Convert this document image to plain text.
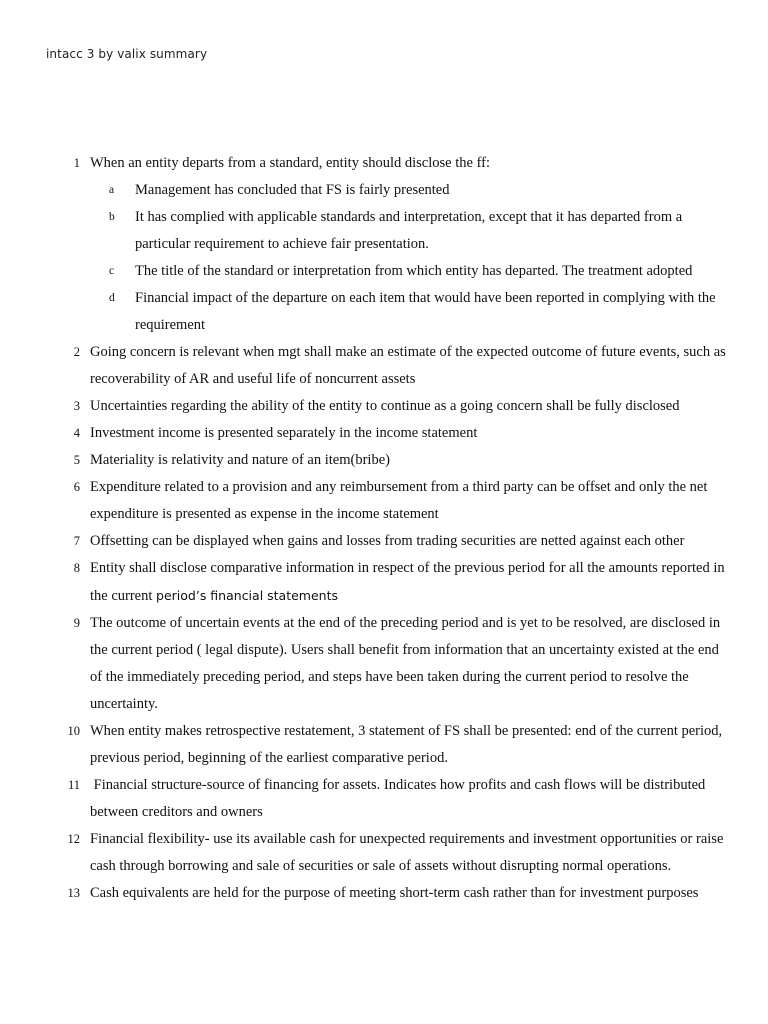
intacc 3 by valix summary
1 When an entity departs from a standard, entity should disclose the ff:
a	Management has concluded that FS is fairly presented
b	It has complied with applicable standards and interpretation, except that it has departed from a particular requirement to achieve fair presentation.
c	The title of the standard or interpretation from which entity has departed. The treatment adopted
d	Financial impact of the departure on each item that would have been reported in complying with the requirement
2 Going concern is relevant when mgt shall make an estimate of the expected outcome of future events, such as recoverability of AR and useful life of noncurrent assets
3 Uncertainties regarding the ability of the entity to continue as a going concern shall be fully disclosed
4 Investment income is presented separately in the income statement
5 Materiality is relativity and nature of an item(bribe)
6 Expenditure related to a provision and any reimbursement from a third party can be offset and only the net expenditure is presented as expense in the income statement
7 Offsetting can be displayed when gains and losses from trading securities are netted against each other
8 Entity shall disclose comparative information in respect of the previous period for all the amounts reported in the current period’s financial statements
9 The outcome of uncertain events at the end of the preceding period and is yet to be resolved, are disclosed in the current period ( legal dispute). Users shall benefit from information that an uncertainty existed at the end of the immediately preceding period, and steps have been taken during the current period to resolve the uncertainty.
10 When entity makes retrospective restatement, 3 statement of FS shall be presented: end of the current period, previous period, beginning of the earliest comparative period.
11 Financial structure-source of financing for assets. Indicates how profits and cash flows will be distributed between creditors and owners
12 Financial flexibility- use its available cash for unexpected requirements and investment opportunities or raise cash through borrowing and sale of securities or sale of assets without disrupting normal operations.
13 Cash equivalents are held for the purpose of meeting short-term cash rather than for investment purposes
